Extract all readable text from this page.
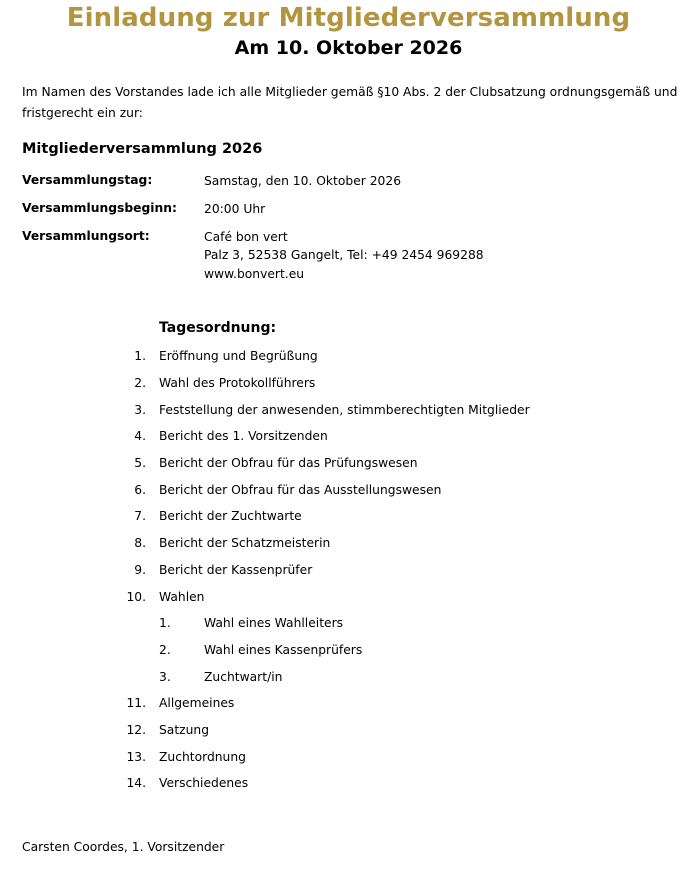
Einladung zur Mitgliederversammlung
Am 10. Oktober 2026
Im Namen des Vorstandes lade ich alle Mitglieder gemäß §10 Abs. 2 der Clubsatzung ordnungsgemäß und fristgerecht ein zur:
Mitgliederversammlung 2026
Versammlungstag:	Samstag, den 10. Oktober 2026
Versammlungsbeginn: 20:00 Uhr
Versammlungsort:	Café bon vert
Palz 3, 52538 Gangelt, Tel: +49 2454 969288
www.bonvert.eu
Tagesordnung:
1. Eröffnung und Begrüßung
2. Wahl des Protokollführers
3. Feststellung der anwesenden, stimmberechtigten Mitglieder
4. Bericht des 1. Vorsitzenden
5. Bericht der Obfrau für das Prüfungswesen
6. Bericht der Obfrau für das Ausstellungswesen
7. Bericht der Zuchtwarte
8. Bericht der Schatzmeisterin
9. Bericht der Kassenprüfer
10. Wahlen
1.	Wahl eines Wahlleiters
2.	Wahl eines Kassenprüfers
3.	Zuchtwart/in
11. Allgemeines
12. Satzung
13. Zuchtordnung
14. Verschiedenes
Carsten Coordes, 1. Vorsitzender
